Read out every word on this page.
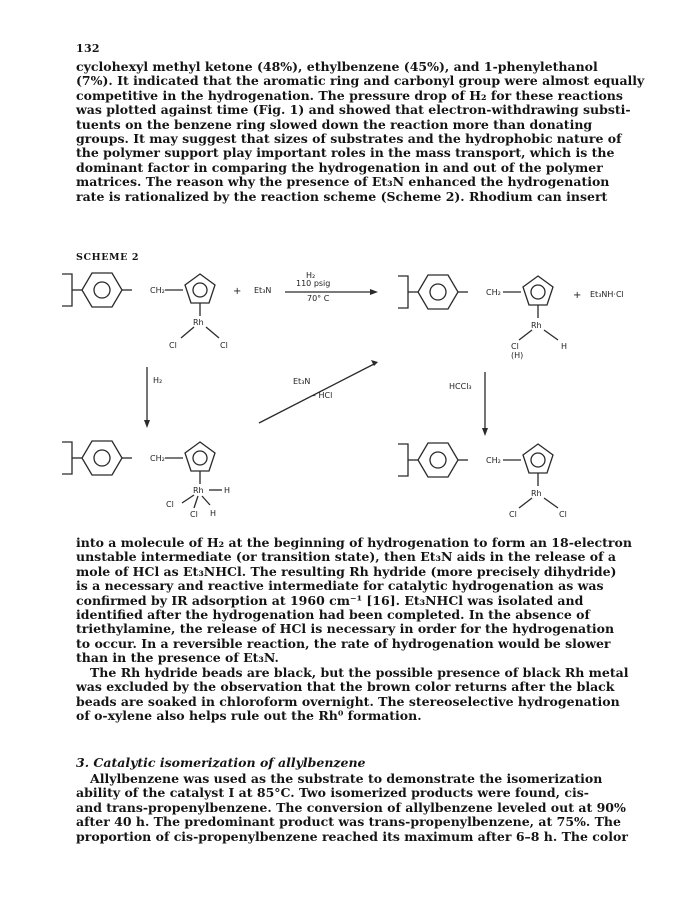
132

cyclohexyl methyl ketone (48%), ethylbenzene (45%), and 1-phenylethanol
(7%). It indicated that the aromatic ring and carbonyl group were almost equally
competitive in the hydrogenation. The pressure drop of H₂ for these reactions
was plotted against time (Fig. 1) and showed that electron-withdrawing substi-
tuents on the benzene ring slowed down the reaction more than donating
groups. It may suggest that sizes of substrates and the hydrophobic nature of
the polymer support play important roles in the mass transport, which is the
dominant factor in comparing the hydrogenation in and out of the polymer
matrices. The reason why the presence of Et₃N enhanced the hydrogenation
rate is rationalized by the reaction scheme (Scheme 2). Rhodium can insert

SCHEME 2
CH₂
Rh
Cl	Cl
+ Et₃N
H₂
110 psig
70° C
CH₂
Rh
Cl	H
(H)
+ Et₃NH·Cl
H₂	Et₃N
– HCl
HCCl₃
CH₂
Rh	H
Cl
Cl H
CH₂
Rh
Cl	Cl

into a molecule of H₂ at the beginning of hydrogenation to form an 18-electron
unstable intermediate (or transition state), then Et₃N aids in the release of a
mole of HCl as Et₃NHCl. The resulting Rh hydride (more precisely dihydride)
is a necessary and reactive intermediate for catalytic hydrogenation as was
confirmed by IR adsorption at 1960 cm⁻¹ [16]. Et₃NHCl was isolated and
identified after the hydrogenation had been completed. In the absence of
triethylamine, the release of HCl is necessary in order for the hydrogenation
to occur. In a reversible reaction, the rate of hydrogenation would be slower
than in the presence of Et₃N.

The Rh hydride beads are black, but the possible presence of black Rh metal
was excluded by the observation that the brown color returns after the black
beads are soaked in chloroform overnight. The stereoselective hydrogenation
of o-xylene also helps rule out the Rh⁰ formation.

3. Catalytic isomerization of allylbenzene

Allylbenzene was used as the substrate to demonstrate the isomerization
ability of the catalyst I at 85°C. Two isomerized products were found, cis-
and trans-propenylbenzene. The conversion of allylbenzene leveled out at 90%
after 40 h. The predominant product was trans-propenylbenzene, at 75%. The
proportion of cis-propenylbenzene reached its maximum after 6–8 h. The color
